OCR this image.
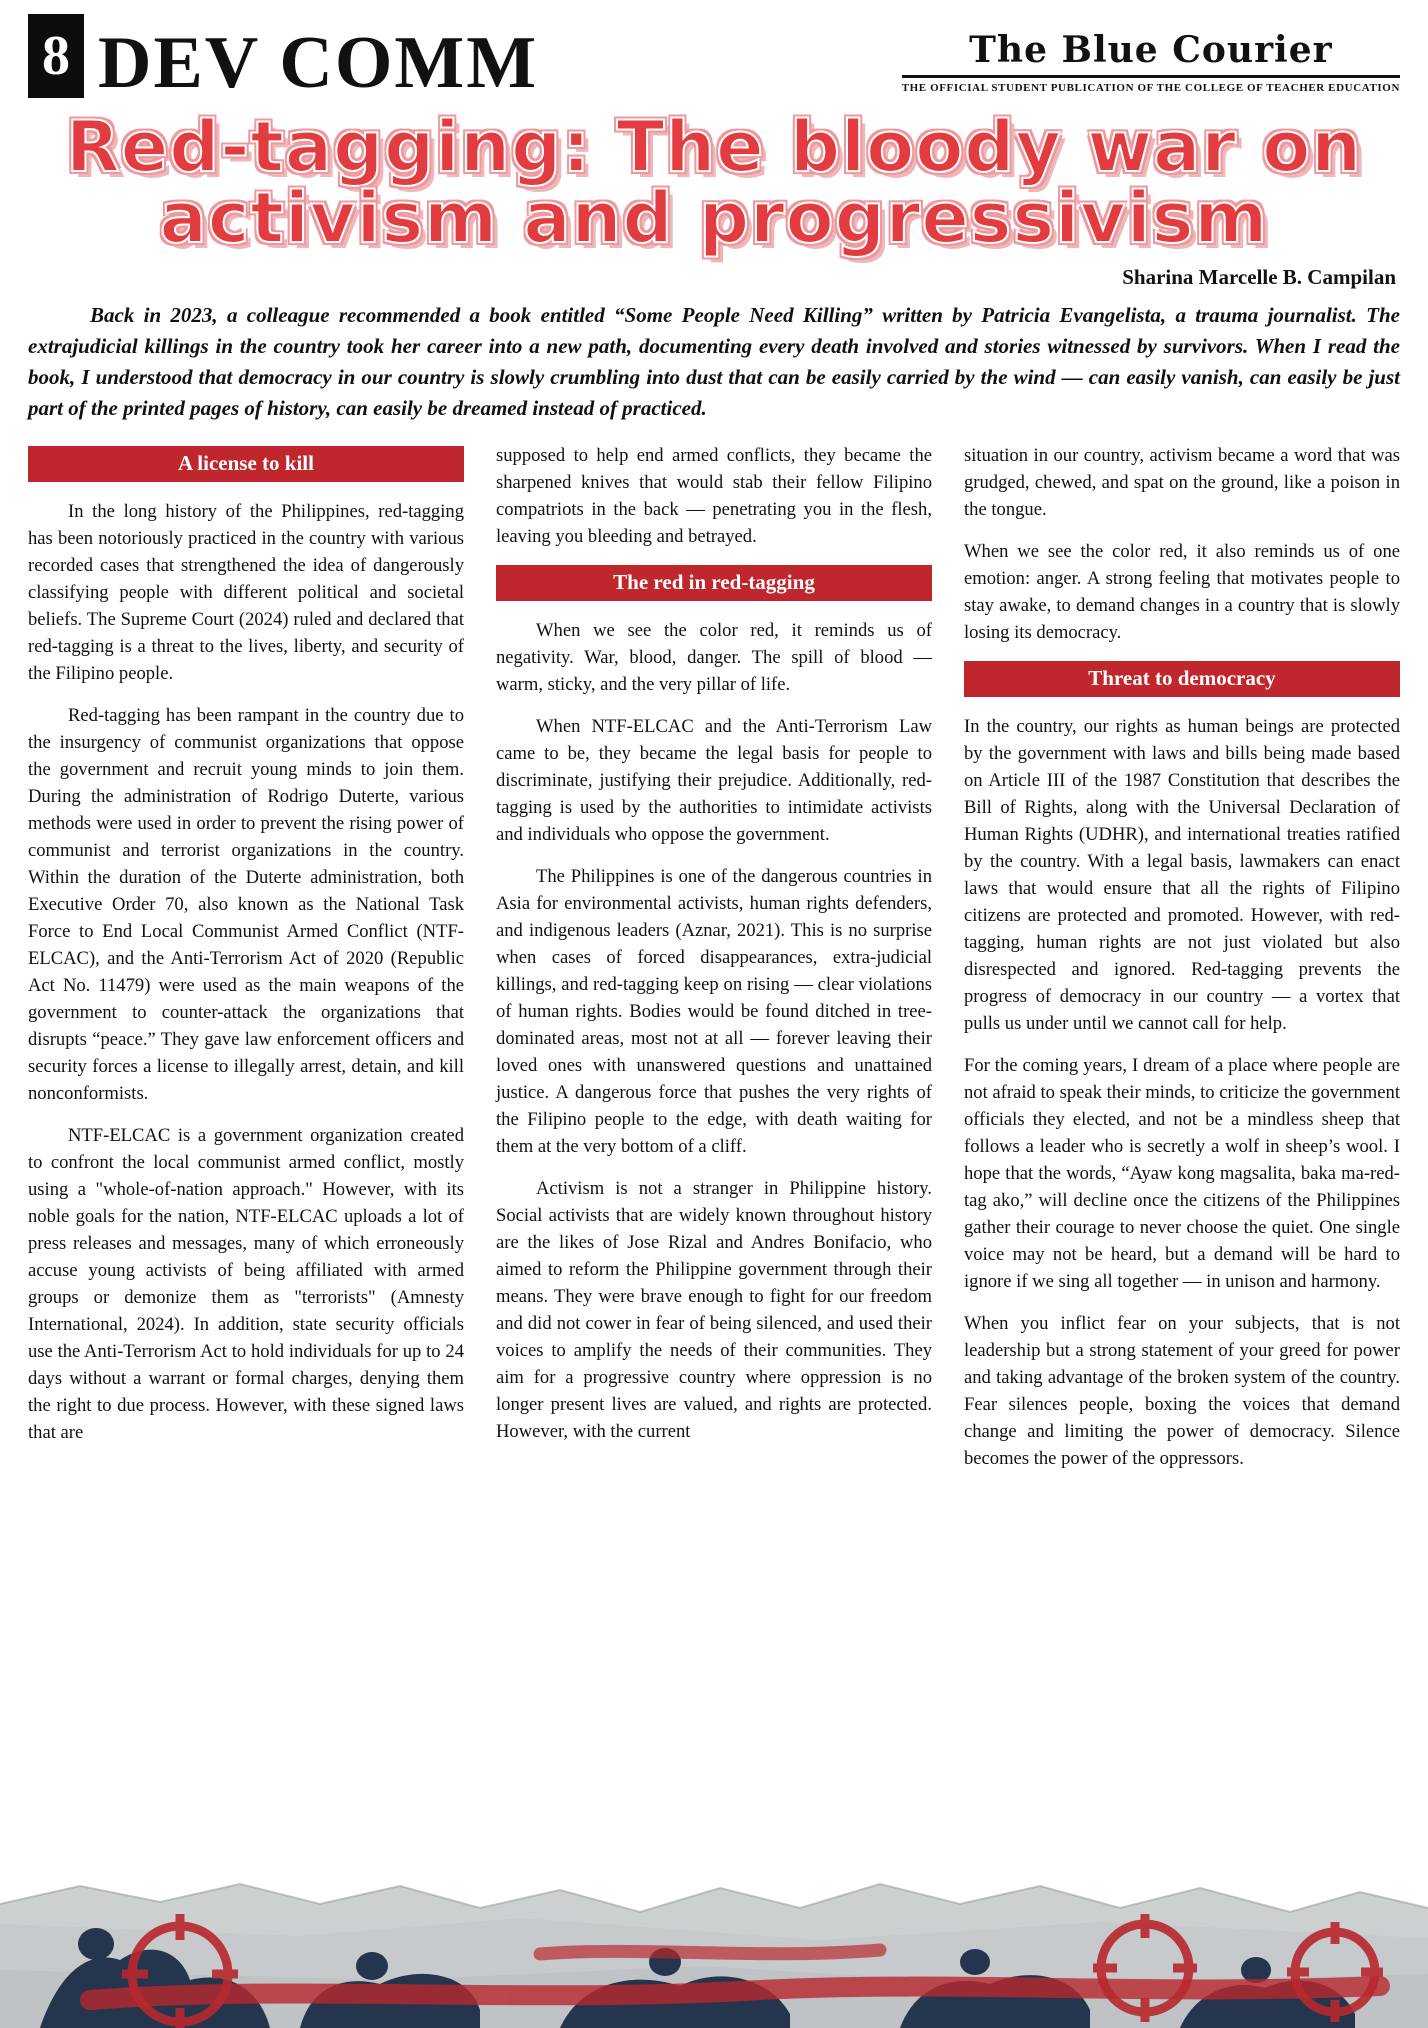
8 DEV COMM	The Blue Courier
THE OFFICIAL STUDENT PUBLICATION OF THE COLLEGE OF TEACHER EDUCATION
Red-tagging: The bloody war on
activism and progressivism
Sharina Marcelle B. Campilan
Back in 2023, a colleague recommended a book entitled “Some People Need Killing” written by Patricia Evangelista, a trauma journalist. The extrajudicial killings in the country took her career into a new path, documenting every death involved and stories witnessed by survivors. When I read the book, I understood that democracy in our country is slowly crumbling into dust that can be easily carried by the wind — can easily vanish, can easily be just part of the printed pages of history, can easily be dreamed instead of practiced.
A license to kill

In the long history of the Philippines, red-tagging has been notoriously practiced in the country with various recorded cases that strengthened the idea of dangerously classifying people with different political and societal beliefs. The Supreme Court (2024) ruled and declared that red-tagging is a threat to the lives, liberty, and security of the Filipino people.

Red-tagging has been rampant in the country due to the insurgency of communist organizations that oppose the government and recruit young minds to join them. During the administration of Rodrigo Duterte, various methods were used in order to prevent the rising power of communist and terrorist organizations in the country. Within the duration of the Duterte administration, both Executive Order 70, also known as the National Task Force to End Local Communist Armed Conflict (NTF-ELCAC), and the Anti-Terrorism Act of 2020 (Republic Act No. 11479) were used as the main weapons of the government to counter-attack the organizations that disrupts “peace.” They gave law enforcement officers and security forces a license to illegally arrest, detain, and kill nonconformists.

NTF-ELCAC is a government organization created to confront the local communist armed conflict, mostly using a "whole-of-nation approach." However, with its noble goals for the nation, NTF-ELCAC uploads a lot of press releases and messages, many of which erroneously accuse young activists of being affiliated with armed groups or demonize them as "terrorists" (Amnesty International, 2024). In addition, state security officials use the Anti-Terrorism Act to hold individuals for up to 24 days without a warrant or formal charges, denying them the right to due process. However, with these signed laws that are

supposed to help end armed conflicts, they became the sharpened knives that would stab their fellow Filipino compatriots in the back — penetrating you in the flesh, leaving you bleeding and betrayed.

The red in red-tagging

When we see the color red, it reminds us of negativity. War, blood, danger. The spill of blood — warm, sticky, and the very pillar of life.

When NTF-ELCAC and the Anti-Terrorism Law came to be, they became the legal basis for people to discriminate, justifying their prejudice. Additionally, red-tagging is used by the authorities to intimidate activists and individuals who oppose the government.

The Philippines is one of the dangerous countries in Asia for environmental activists, human rights defenders, and indigenous leaders (Aznar, 2021). This is no surprise when cases of forced disappearances, extra-judicial killings, and red-tagging keep on rising — clear violations of human rights. Bodies would be found ditched in tree-dominated areas, most not at all — forever leaving their loved ones with unanswered questions and unattained justice. A dangerous force that pushes the very rights of the Filipino people to the edge, with death waiting for them at the very bottom of a cliff.

Activism is not a stranger in Philippine history. Social activists that are widely known throughout history are the likes of Jose Rizal and Andres Bonifacio, who aimed to reform the Philippine government through their means. They were brave enough to fight for our freedom and did not cower in fear of being silenced, and used their voices to amplify the needs of their communities. They aim for a progressive country where oppression is no longer present lives are valued, and rights are protected. However, with the current

situation in our country, activism became a word that was grudged, chewed, and spat on the ground, like a poison in the tongue.

When we see the color red, it also reminds us of one emotion: anger. A strong feeling that motivates people to stay awake, to demand changes in a country that is slowly losing its democracy.

Threat to democracy

In the country, our rights as human beings are protected by the government with laws and bills being made based on Article III of the 1987 Constitution that describes the Bill of Rights, along with the Universal Declaration of Human Rights (UDHR), and international treaties ratified by the country. With a legal basis, lawmakers can enact laws that would ensure that all the rights of Filipino citizens are protected and promoted. However, with red-tagging, human rights are not just violated but also disrespected and ignored. Red-tagging prevents the progress of democracy in our country — a vortex that pulls us under until we cannot call for help.

For the coming years, I dream of a place where people are not afraid to speak their minds, to criticize the government officials they elected, and not be a mindless sheep that follows a leader who is secretly a wolf in sheep’s wool. I hope that the words, “Ayaw kong magsalita, baka ma-red-tag ako,” will decline once the citizens of the Philippines gather their courage to never choose the quiet. One single voice may not be heard, but a demand will be hard to ignore if we sing all together — in unison and harmony.

When you inflict fear on your subjects, that is not leadership but a strong statement of your greed for power and taking advantage of the broken system of the country. Fear silences people, boxing the voices that demand change and limiting the power of democracy. Silence becomes the power of the oppressors.
